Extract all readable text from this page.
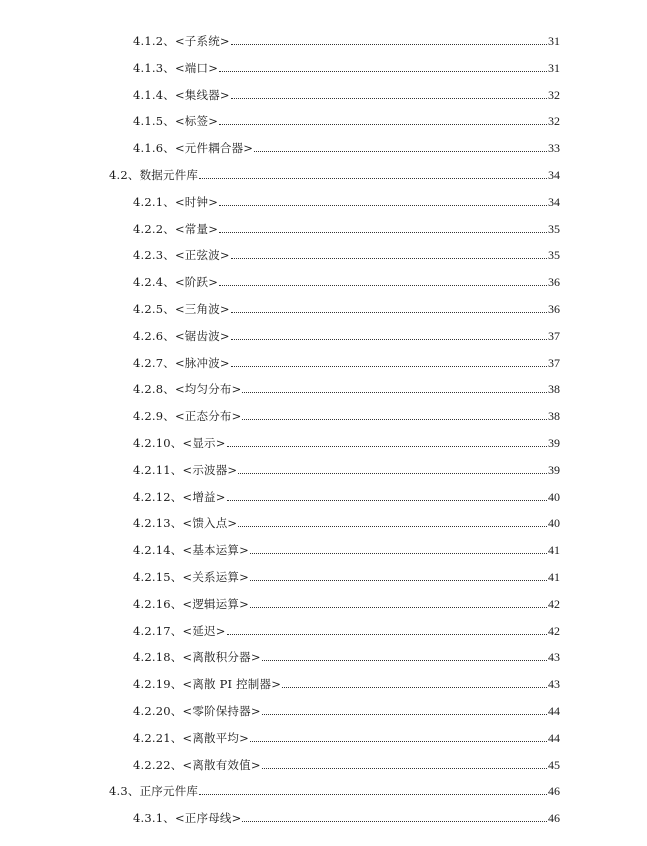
4.1.2、<子系统>	31
4.1.3、<端口>	31
4.1.4、<集线器>	32
4.1.5、<标签>	32
4.1.6、<元件耦合器>	33
4.2、数据元件库	34
4.2.1、<时钟>	34
4.2.2、<常量>	35
4.2.3、<正弦波>	35
4.2.4、<阶跃>	36
4.2.5、<三角波>	36
4.2.6、<锯齿波>	37
4.2.7、<脉冲波>	37
4.2.8、<均匀分布>	38
4.2.9、<正态分布>	38
4.2.10、<显示>	39
4.2.11、<示波器>	39
4.2.12、<增益>	40
4.2.13、<馈入点>	40
4.2.14、<基本运算>	41
4.2.15、<关系运算>	41
4.2.16、<逻辑运算>	42
4.2.17、<延迟>	42
4.2.18、<离散积分器>	43
4.2.19、<离散 PI 控制器>	43
4.2.20、<零阶保持器>	44
4.2.21、<离散平均>	44
4.2.22、<离散有效值>	45
4.3、正序元件库	46
4.3.1、<正序母线>	46
